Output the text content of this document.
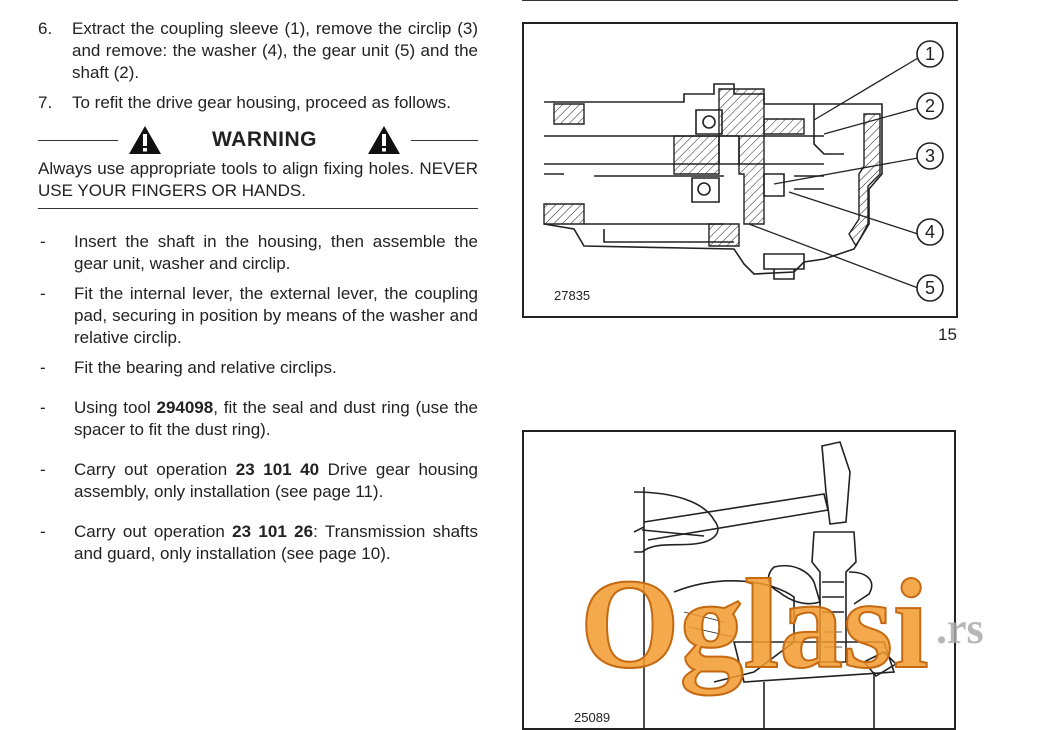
6.	Extract the coupling sleeve (1), remove the circlip (3) and remove: the washer (4), the gear unit (5) and the shaft (2).
7.	To refit the drive gear housing, proceed as follows.
WARNING
Always use appropriate tools to align fixing holes. NEVER USE YOUR FINGERS OR HANDS.
-	Insert the shaft in the housing, then assemble the gear unit, washer and circlip.
-	Fit the internal lever, the external lever, the coupling pad, securing in position by means of the washer and relative circlip.
-	Fit the bearing and relative circlips.
-	Using tool 294098, fit the seal and dust ring (use the spacer to fit the dust ring).
-	Carry out operation 23 101 40 Drive gear housing assembly, only installation (see page 11).
-	Carry out operation 23 101 26: Transmission shafts and guard, only installation (see page 10).
1
2
3
4
5
27835
15
25089
Oglasi .rs
